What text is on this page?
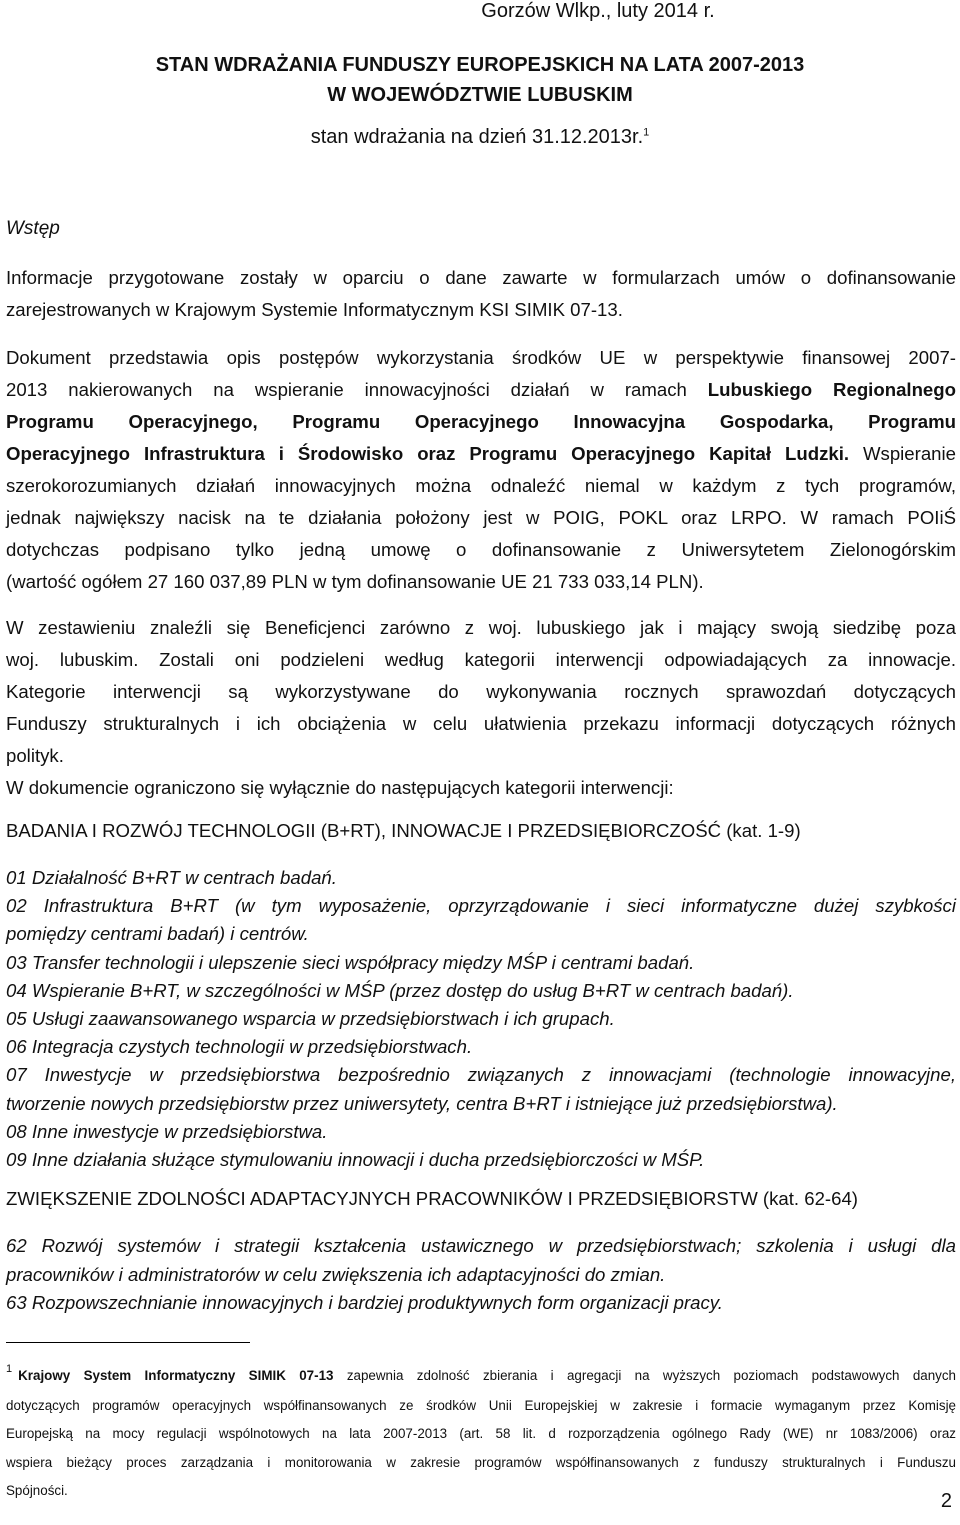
Gorzów Wlkp., luty 2014 r.
STAN WDRAŻANIA FUNDUSZY EUROPEJSKICH NA LATA 2007-2013
W WOJEWÓDZTWIE LUBUSKIM
stan wdrażania na dzień 31.12.2013r.$^1$
Wstęp
Informacje przygotowane zostały w oparciu o dane zawarte w formularzach umów o dofinansowanie
zarejestrowanych w Krajowym Systemie Informatycznym KSI SIMIK 07-13.
Dokument przedstawia opis postępów wykorzystania środków UE w perspektywie finansowej 2007-
2013 nakierowanych na wspieranie innowacyjności działań w ramach Lubuskiego Regionalnego
Programu Operacyjnego, Programu Operacyjnego Innowacyjna Gospodarka, Programu
Operacyjnego Infrastruktura i Środowisko oraz Programu Operacyjnego Kapitał Ludzki. Wspieranie
szerokorozumianych działań innowacyjnych można odnaleźć niemal w każdym z tych programów,
jednak największy nacisk na te działania położony jest w POIG, POKL oraz LRPO. W ramach POIiŚ
dotychczas podpisano tylko jedną umowę o dofinansowanie z Uniwersytetem Zielonogórskim
(wartość ogółem 27 160 037,89 PLN w tym dofinansowanie UE 21 733 033,14 PLN).
W zestawieniu znaleźli się Beneficjenci zarówno z woj. lubuskiego jak i mający swoją siedzibę poza
woj. lubuskim. Zostali oni podzieleni według kategorii interwencji odpowiadających za innowacje.
Kategorie interwencji są wykorzystywane do wykonywania rocznych sprawozdań dotyczących
Funduszy strukturalnych i ich obciążenia w celu ułatwienia przekazu informacji dotyczących różnych
polityk.
W dokumencie ograniczono się wyłącznie do następujących kategorii interwencji:
BADANIA I ROZWÓJ TECHNOLOGII (B+RT), INNOWACJE I PRZEDSIĘBIORCZOŚĆ (kat. 1-9)
01 Działalność B+RT w centrach badań.
02 Infrastruktura B+RT (w tym wyposażenie, oprzyrządowanie i sieci informatyczne dużej szybkości
pomiędzy centrami badań) i centrów.
03 Transfer technologii i ulepszenie sieci współpracy między MŚP i centrami badań.
04 Wspieranie B+RT, w szczególności w MŚP (przez dostęp do usług B+RT w centrach badań).
05 Usługi zaawansowanego wsparcia w przedsiębiorstwach i ich grupach.
06 Integracja czystych technologii w przedsiębiorstwach.
07 Inwestycje w przedsiębiorstwa bezpośrednio związanych z innowacjami (technologie innowacyjne,
tworzenie nowych przedsiębiorstw przez uniwersytety, centra B+RT i istniejące już przedsiębiorstwa).
08 Inne inwestycje w przedsiębiorstwa.
09 Inne działania służące stymulowaniu innowacji i ducha przedsiębiorczości w MŚP.
ZWIĘKSZENIE ZDOLNOŚCI ADAPTACYJNYCH PRACOWNIKÓW I PRZEDSIĘBIORSTW (kat. 62-64)
62 Rozwój systemów i strategii kształcenia ustawicznego w przedsiębiorstwach; szkolenia i usługi dla
pracowników i administratorów w celu zwiększenia ich adaptacyjności do zmian.
63 Rozpowszechnianie innowacyjnych i bardziej produktywnych form organizacji pracy.
$^1$ Krajowy System Informatyczny SIMIK 07-13 zapewnia zdolność zbierania i agregacji na wyższych poziomach podstawowych danych
dotyczących programów operacyjnych współfinansowanych ze środków Unii Europejskiej w zakresie i formacie wymaganym przez Komisję
Europejską na mocy regulacji wspólnotowych na lata 2007-2013 (art. 58 lit. d rozporządzenia ogólnego Rady (WE) nr 1083/2006) oraz
wspiera bieżący proces zarządzania i monitorowania w zakresie programów współfinansowanych z funduszy strukturalnych i Funduszu
Spójności.	2
